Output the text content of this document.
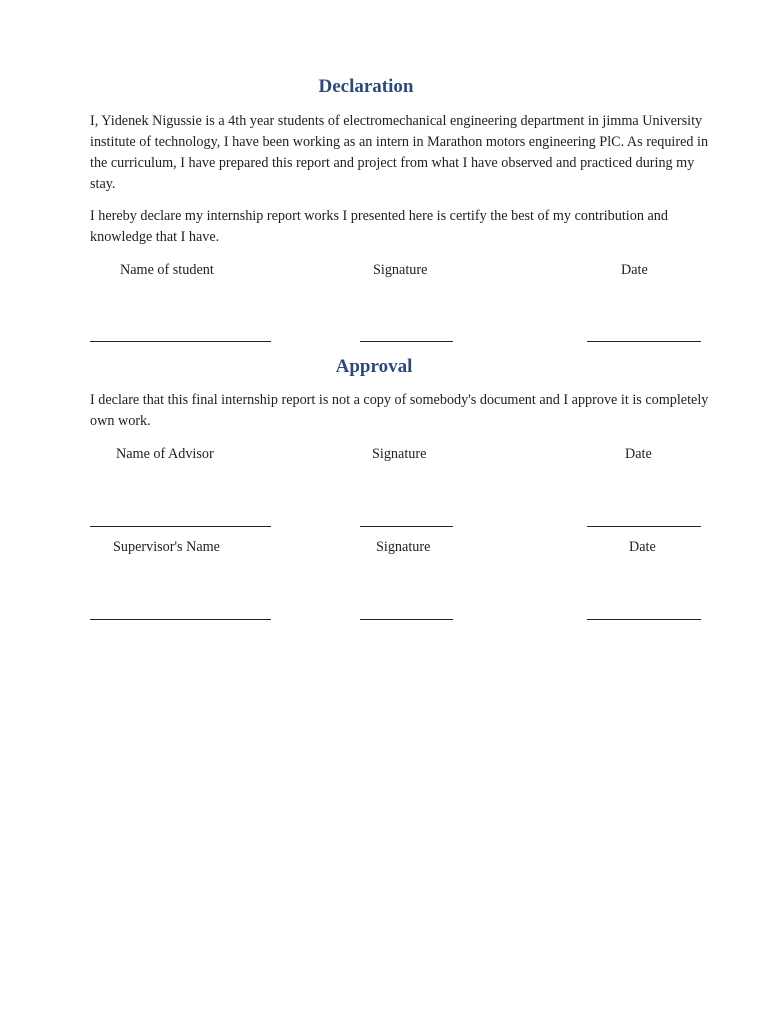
Declaration

I, Yidenek Nigussie is a 4th year students of electromechanical engineering department in jimma University institute of technology, I have been working as an intern in Marathon motors engineering PlC. As required in the curriculum, I have prepared this report and project from what I have observed and practiced during my stay.

I hereby declare my internship report works I presented here is certify the best of my contribution and knowledge that I have.

Name of student	Signature	Date
Approval

I declare that this final internship report is not a copy of somebody's document and I approve it is completely own work.

Name of Advisor	Signature	Date
Supervisor's Name	Signature	Date
